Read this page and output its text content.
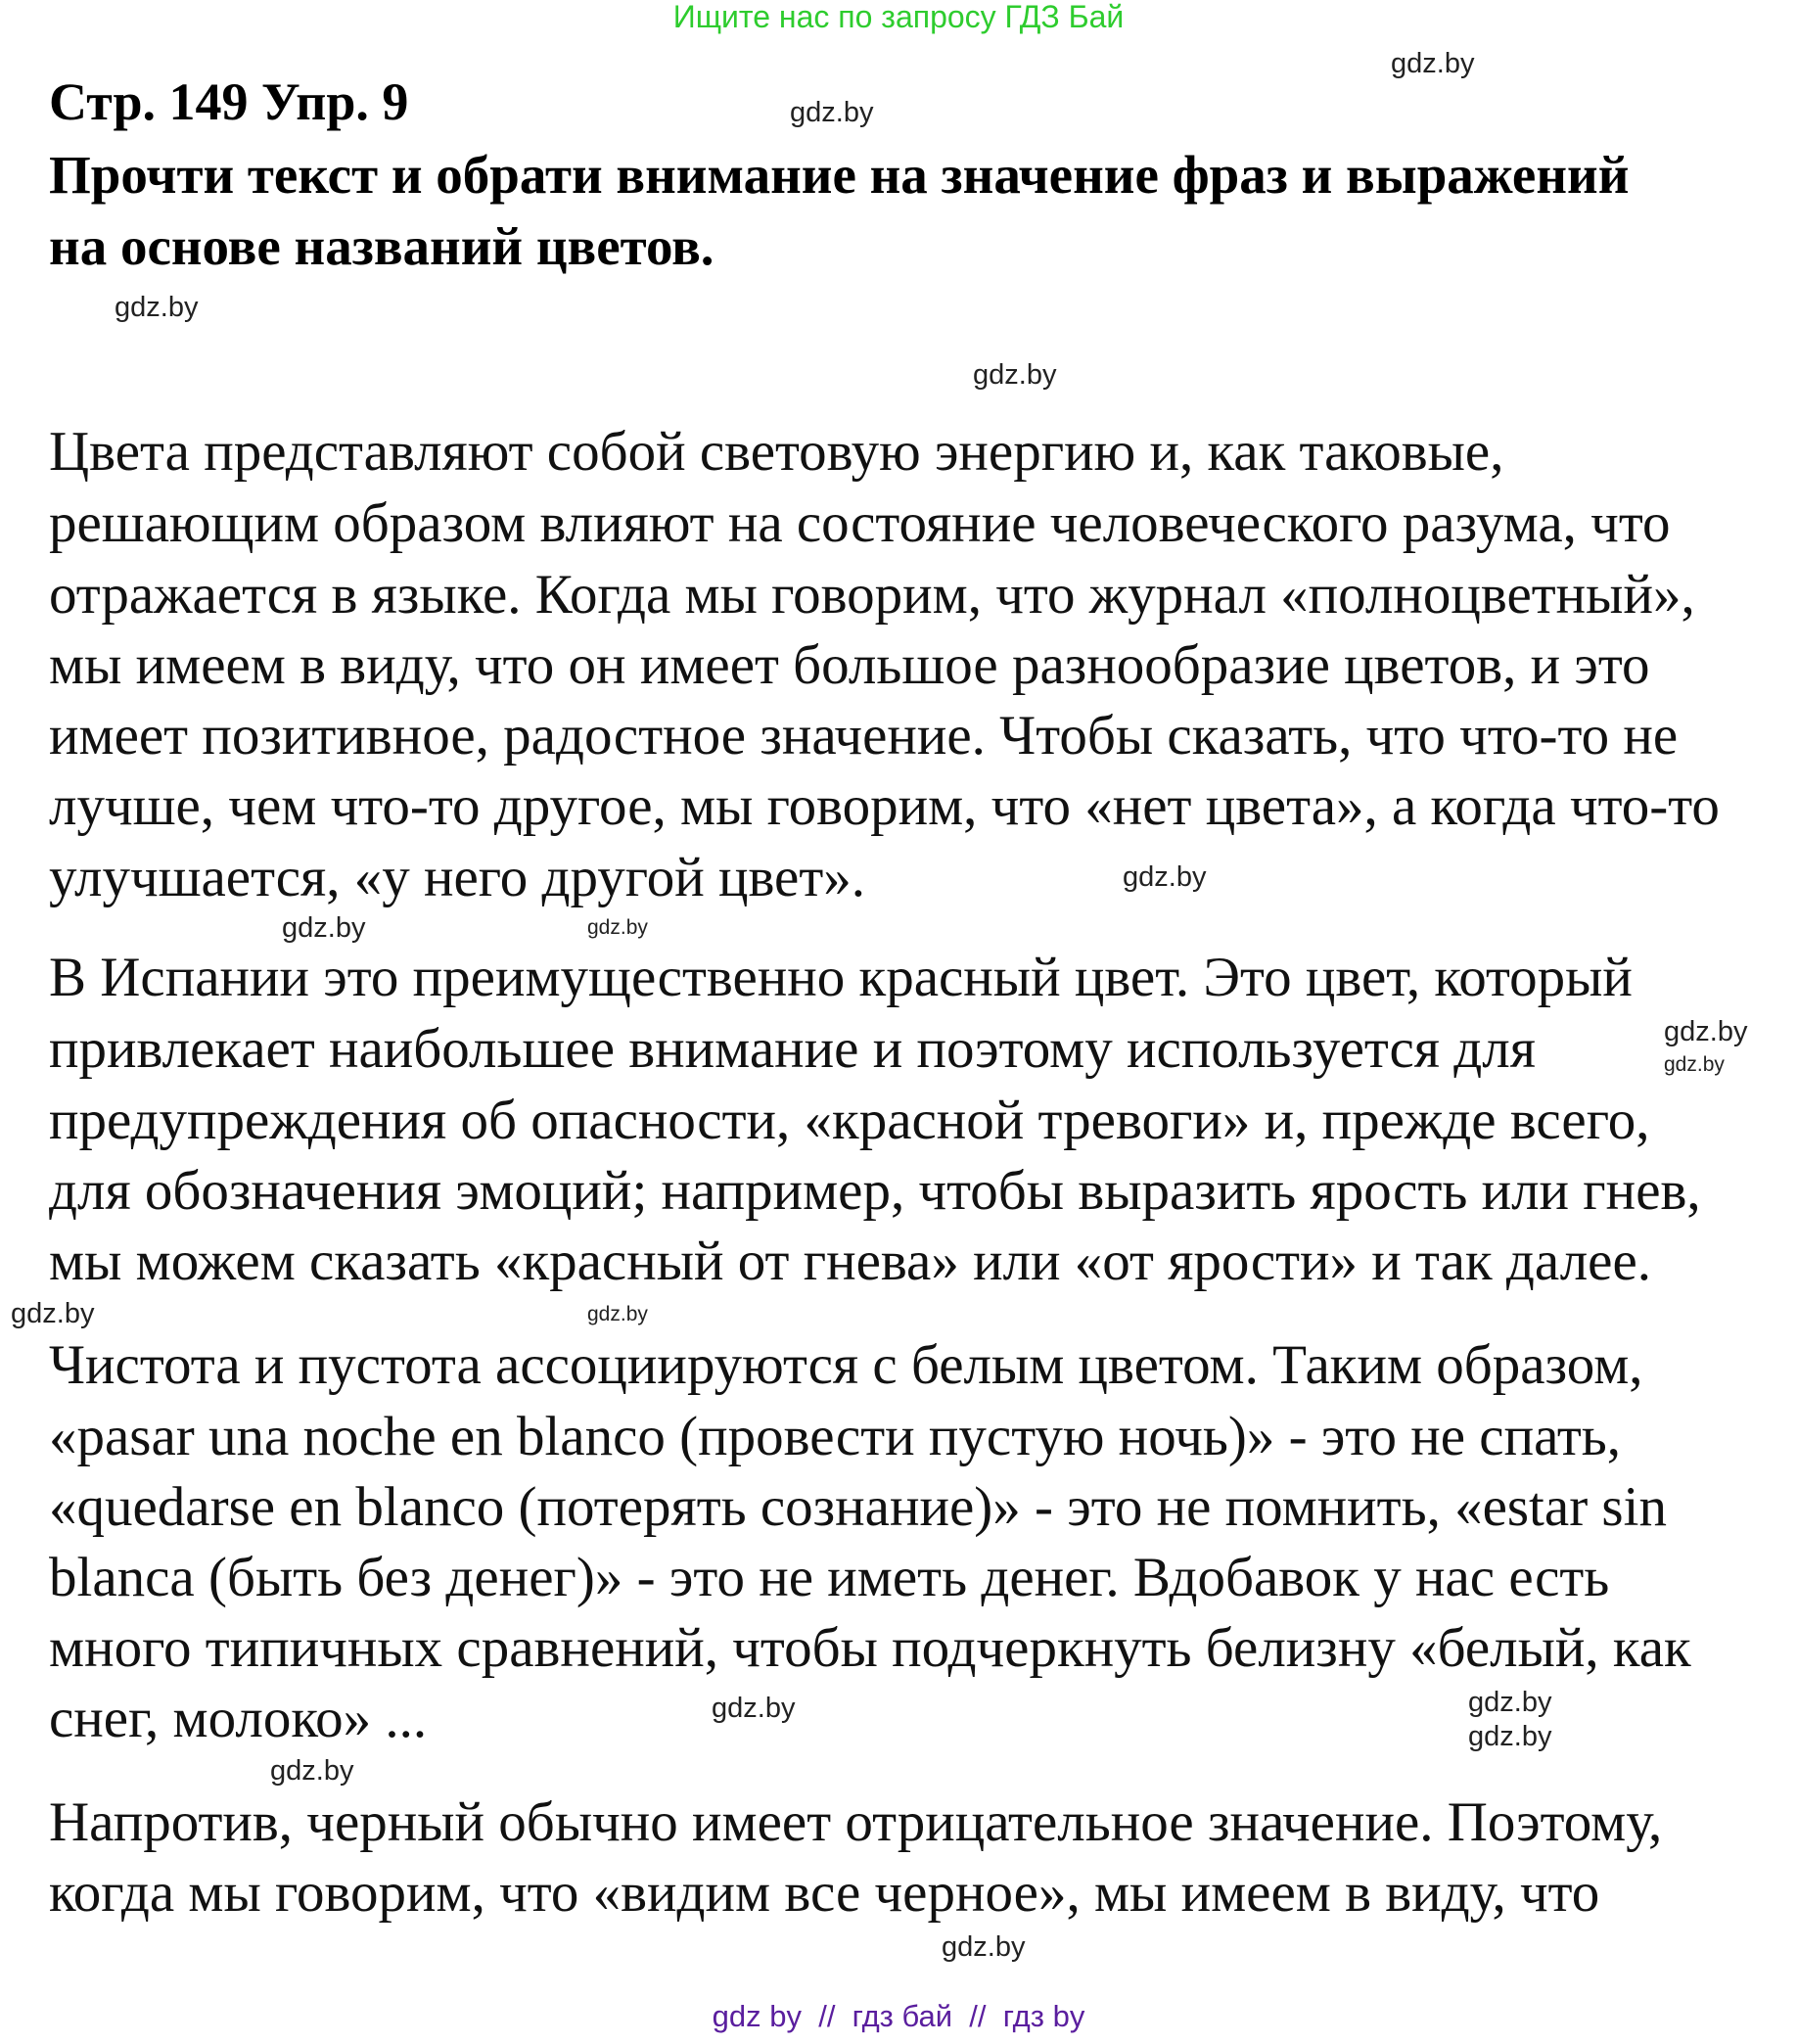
Ищите нас по запросу ГДЗ Бай
Стр. 149 Упр. 9
Прочти текст и обрати внимание на значение фраз и выражений
на основе названий цветов.
Цвета представляют собой световую энергию и, как таковые,
решающим образом влияют на состояние человеческого разума, что
отражается в языке. Когда мы говорим, что журнал «полноцветный»,
мы имеем в виду, что он имеет большое разнообразие цветов, и это
имеет позитивное, радостное значение. Чтобы сказать, что что-то не
лучше, чем что-то другое, мы говорим, что «нет цвета», а когда что-то
улучшается, «у него другой цвет».
В Испании это преимущественно красный цвет. Это цвет, который
привлекает наибольшее внимание и поэтому используется для
предупреждения об опасности, «красной тревоги» и, прежде всего,
для обозначения эмоций; например, чтобы выразить ярость или гнев,
мы можем сказать «красный от гнева» или «от ярости» и так далее.
Чистота и пустота ассоциируются с белым цветом. Таким образом,
«pasar una noche en blanco (провести пустую ночь)» - это не спать,
«quedarse en blanco (потерять сознание)» - это не помнить, «estar sin
blanca (быть без денег)» - это не иметь денег. Вдобавок у нас есть
много типичных сравнений, чтобы подчеркнуть белизну «белый, как
снег, молоко» ...
Напротив, черный обычно имеет отрицательное значение. Поэтому,
когда мы говорим, что «видим все черное», мы имеем в виду, что
gdz.by
gdz.by
gdz.by
gdz.by
gdz.by
gdz.by
gdz.by
gdz.by
gdz.by
gdz.by
gdz.by
gdz.by
gdz.by
gdz.by
gdz.by
gdz.by
gdz by  //  гдз бай  //  гдз by
